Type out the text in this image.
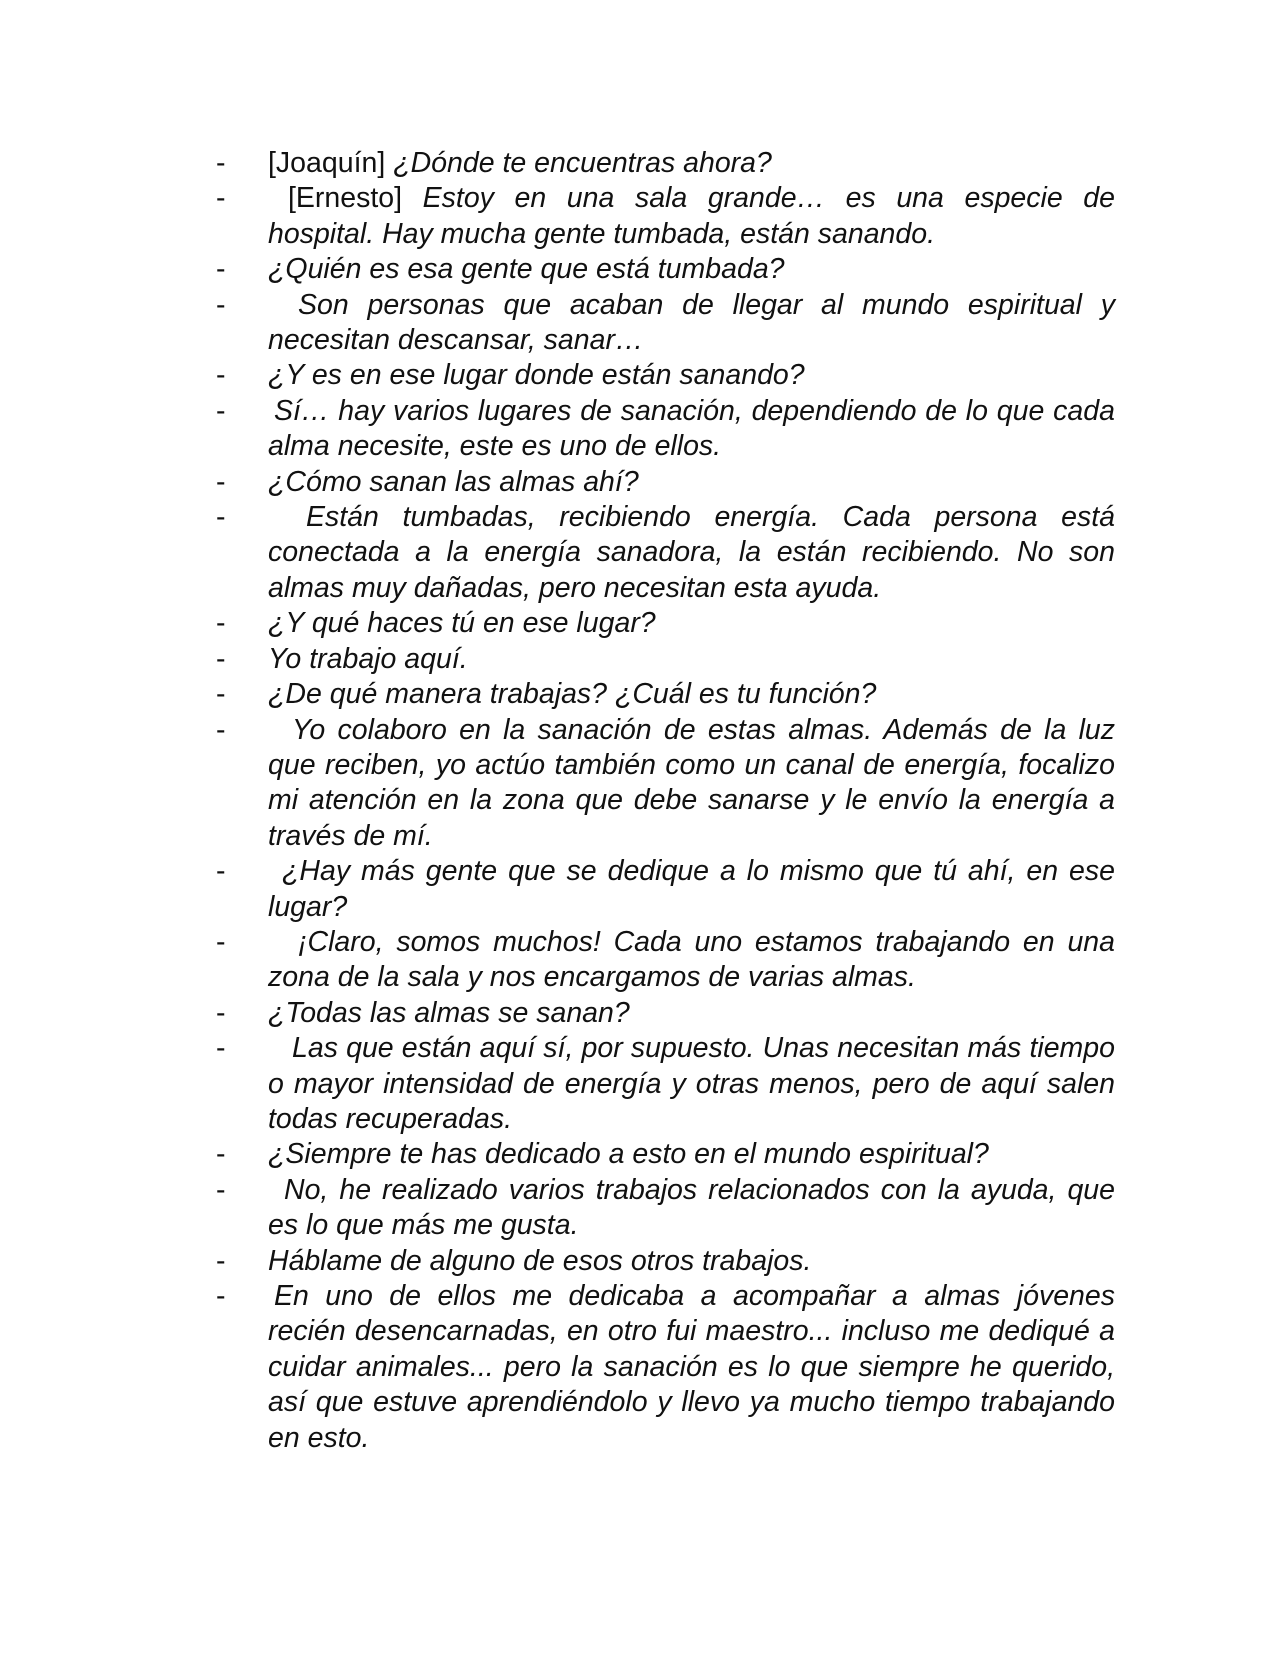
-	[Joaquín] ¿Dónde te encuentras ahora?
-	[Ernesto] Estoy en una sala grande… es una especie de hospital. Hay mucha gente tumbada, están sanando.
-	¿Quién es esa gente que está tumbada?
-	Son personas que acaban de llegar al mundo espiritual y necesitan descansar, sanar…
-	¿Y es en ese lugar donde están sanando?
-	Sí… hay varios lugares de sanación, dependiendo de lo que cada alma necesite, este es uno de ellos.
-	¿Cómo sanan las almas ahí?
-	Están tumbadas, recibiendo energía. Cada persona está conectada a la energía sanadora, la están recibiendo. No son almas muy dañadas, pero necesitan esta ayuda.
-	¿Y qué haces tú en ese lugar?
-	Yo trabajo aquí.
-	¿De qué manera trabajas? ¿Cuál es tu función?
-	Yo colaboro en la sanación de estas almas. Además de la luz que reciben, yo actúo también como un canal de energía, focalizo mi atención en la zona que debe sanarse y le envío la energía a través de mí.
-	¿Hay más gente que se dedique a lo mismo que tú ahí, en ese lugar?
-	¡Claro, somos muchos! Cada uno estamos trabajando en una zona de la sala y nos encargamos de varias almas.
-	¿Todas las almas se sanan?
-	Las que están aquí sí, por supuesto. Unas necesitan más tiempo o mayor intensidad de energía y otras menos, pero de aquí salen todas recuperadas.
-	¿Siempre te has dedicado a esto en el mundo espiritual?
-	No, he realizado varios trabajos relacionados con la ayuda, que es lo que más me gusta.
-	Háblame de alguno de esos otros trabajos.
-	En uno de ellos me dedicaba a acompañar a almas jóvenes recién desencarnadas, en otro fui maestro... incluso me dediqué a cuidar animales... pero la sanación es lo que siempre he querido, así que estuve aprendiéndolo y llevo ya mucho tiempo trabajando en esto.
